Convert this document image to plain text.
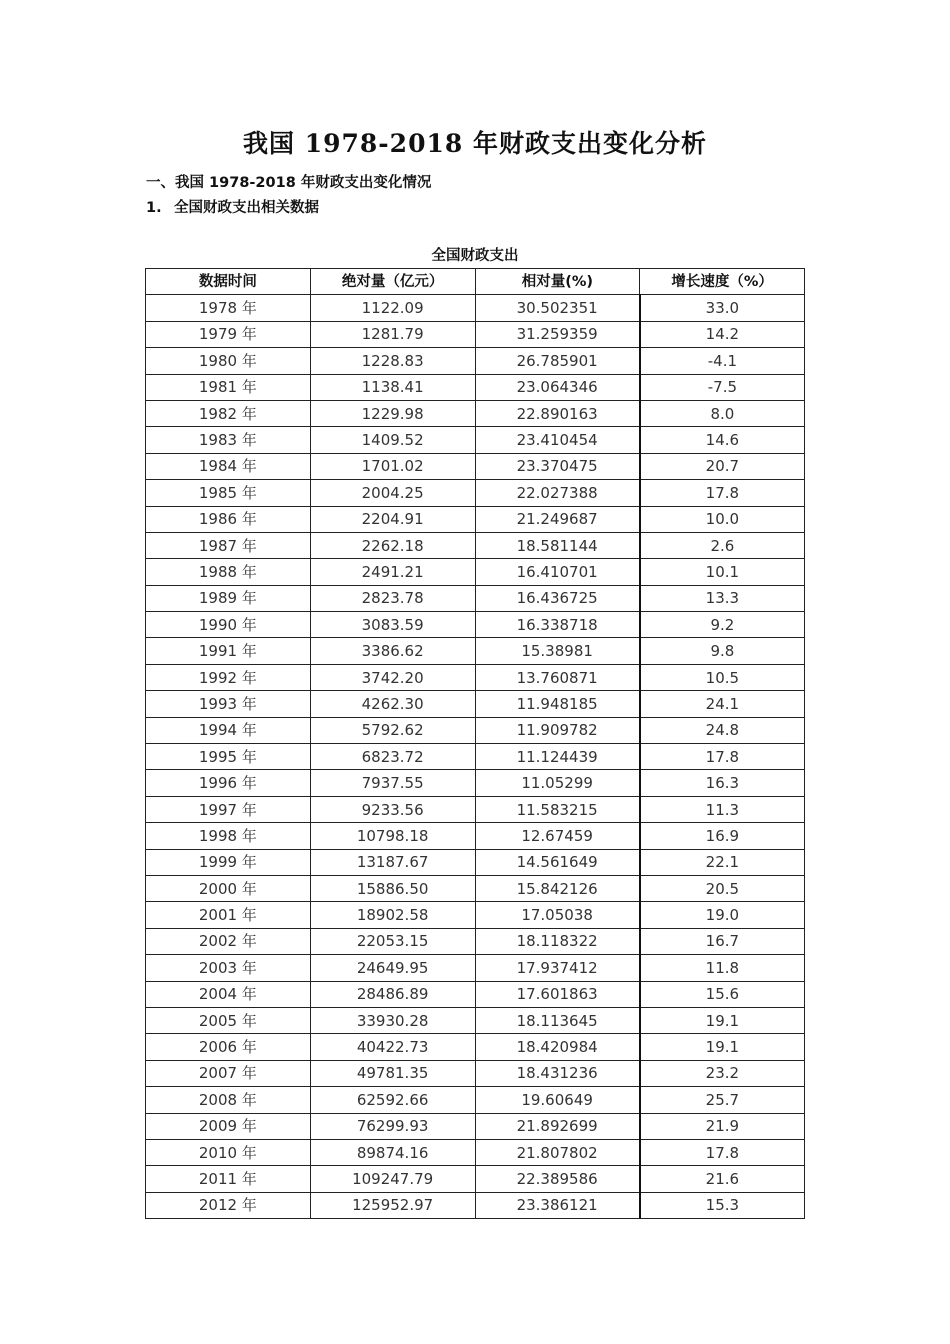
我国 1978-2018 年财政支出变化分析
一、我国 1978-2018 年财政支出变化情况
1. 全国财政支出相关数据
全国财政支出
数据时间	绝对量（亿元）	相对量(%)	增长速度（%）
1978 年	1122.09	30.502351	33.0
1979 年	1281.79	31.259359	14.2
1980 年	1228.83	26.785901	-4.1
1981 年	1138.41	23.064346	-7.5
1982 年	1229.98	22.890163	8.0
1983 年	1409.52	23.410454	14.6
1984 年	1701.02	23.370475	20.7
1985 年	2004.25	22.027388	17.8
1986 年	2204.91	21.249687	10.0
1987 年	2262.18	18.581144	2.6
1988 年	2491.21	16.410701	10.1
1989 年	2823.78	16.436725	13.3
1990 年	3083.59	16.338718	9.2
1991 年	3386.62	15.38981	9.8
1992 年	3742.20	13.760871	10.5
1993 年	4262.30	11.948185	24.1
1994 年	5792.62	11.909782	24.8
1995 年	6823.72	11.124439	17.8
1996 年	7937.55	11.05299	16.3
1997 年	9233.56	11.583215	11.3
1998 年	10798.18	12.67459	16.9
1999 年	13187.67	14.561649	22.1
2000 年	15886.50	15.842126	20.5
2001 年	18902.58	17.05038	19.0
2002 年	22053.15	18.118322	16.7
2003 年	24649.95	17.937412	11.8
2004 年	28486.89	17.601863	15.6
2005 年	33930.28	18.113645	19.1
2006 年	40422.73	18.420984	19.1
2007 年	49781.35	18.431236	23.2
2008 年	62592.66	19.60649	25.7
2009 年	76299.93	21.892699	21.9
2010 年	89874.16	21.807802	17.8
2011 年	109247.79	22.389586	21.6
2012 年	125952.97	23.386121	15.3
